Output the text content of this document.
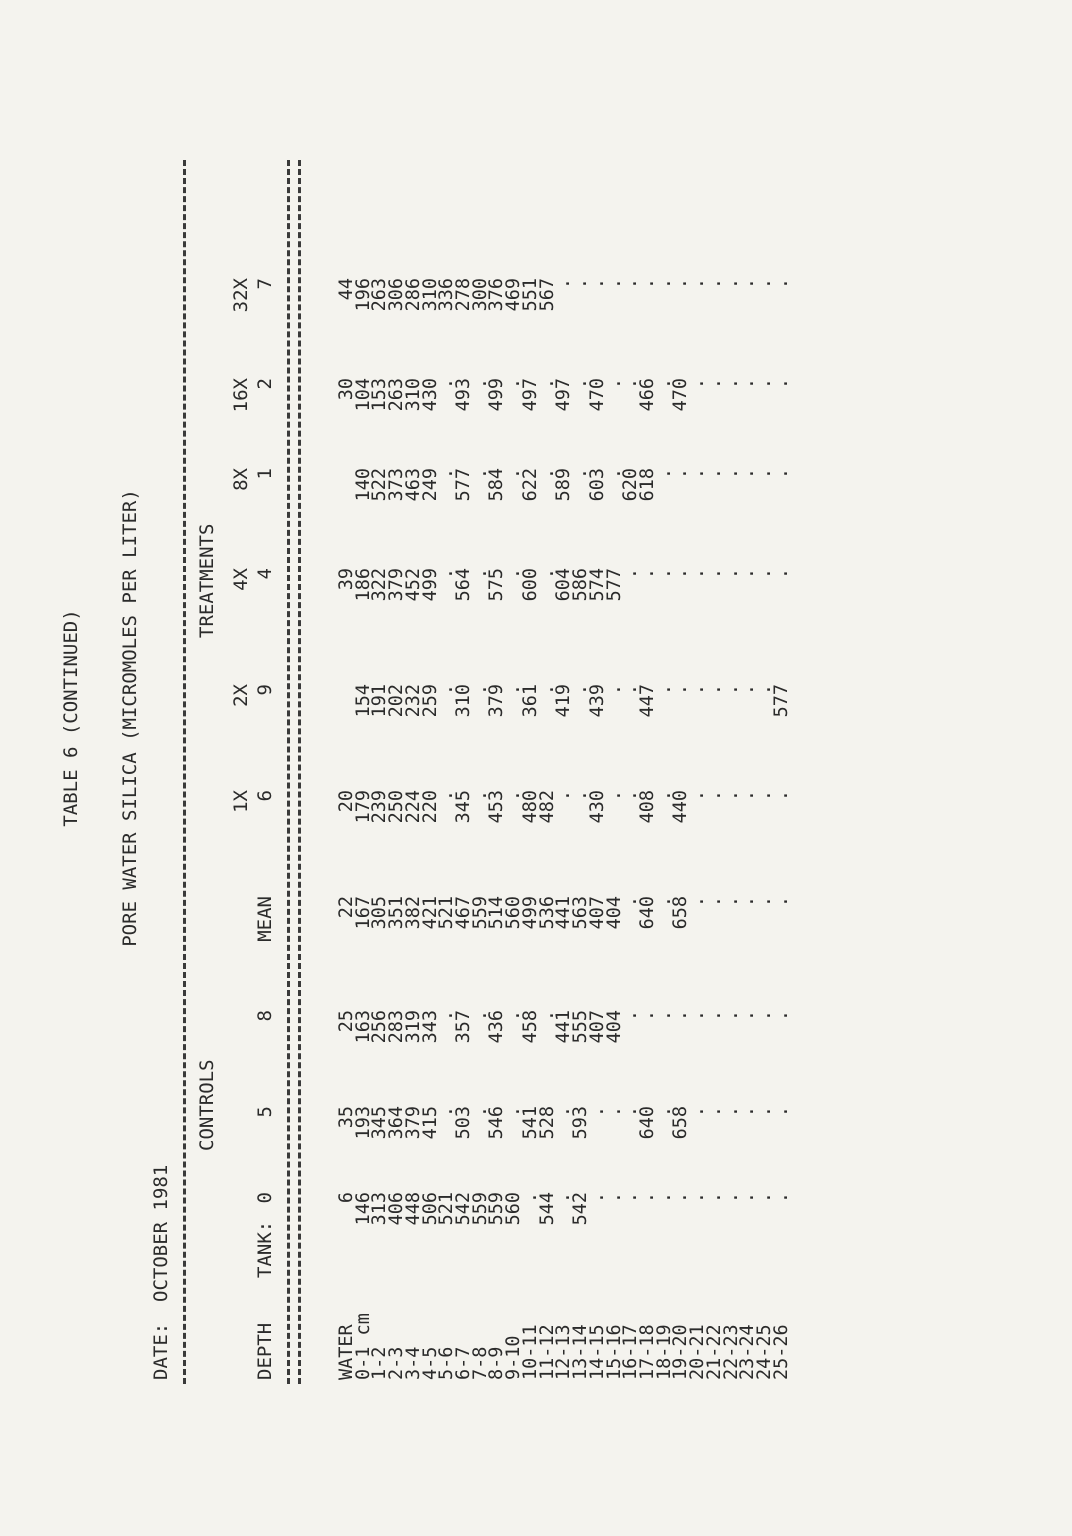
TABLE 6 (CONTINUED) PORE WATER SILICA (MICROMOLES PER LITER)
DATE:
OCTOBER 1981
CONTROLS
TREATMENTS
DEPTH
TANK:
0
5
8
MEAN
1X 6
2X 9
4X 4
8X 1
16X 2
32X 7
WATER
0-1 cm
1-2
2-3
3-4
4-5
5-6
6-7
7-8
8-9
9-10
10-11
11-12
12-13
13-14
14-15
15-16
16-17
17-18
18-19
19-20
20-21
21-22
22-23
23-24
24-25
25-26
6
35
25
22
20
39
30
44
146
193
163
167
179
154
186
140
104
196
313
345
256
305
239
191
322
522
153
263
406
364
283
351
250
202
379
373
263
306
448
379
319
382
224
232
452
463
310
286
506
415
343
421
220
259
499
249
430
310
521
.
.
521
.
.
.
.
.
336
542
503
357
467
345
310
564
577
493
278
559
.
.
559
.
.
.
.
.
300
559
546
436
514
453
379
575
584
499
376
560
.
.
560
.
.
.
.
.
469
.
541
458
499
480
361
600
622
497
551
544
528
.
536
482
.
.
.
.
567
.
.
441
441
.
419
604
589
497
.
542
593
555
563
.
.
586
.
.
.
.
.
407
407
430
439
574
603
470
.
.
.
404
404
.
.
577
.
.
.
.
.
.
.
.
.
.
620
.
.
.
640
.
640
408
447
.
618
466
.
.
.
.
.
.
.
.
.
.
.
.
658
.
658
440
.
.
.
470
.
.
.
.
.
.
.
.
.
.
.
.
.
.
.
.
.
.
.
.
.
.
.
.
.
.
.
.
.
.
.
.
.
.
.
.
.
.
.
.
.
.
.
.
.
.
.
.
.
.
.
.
.
.
.
.
577
.
.
.
.
